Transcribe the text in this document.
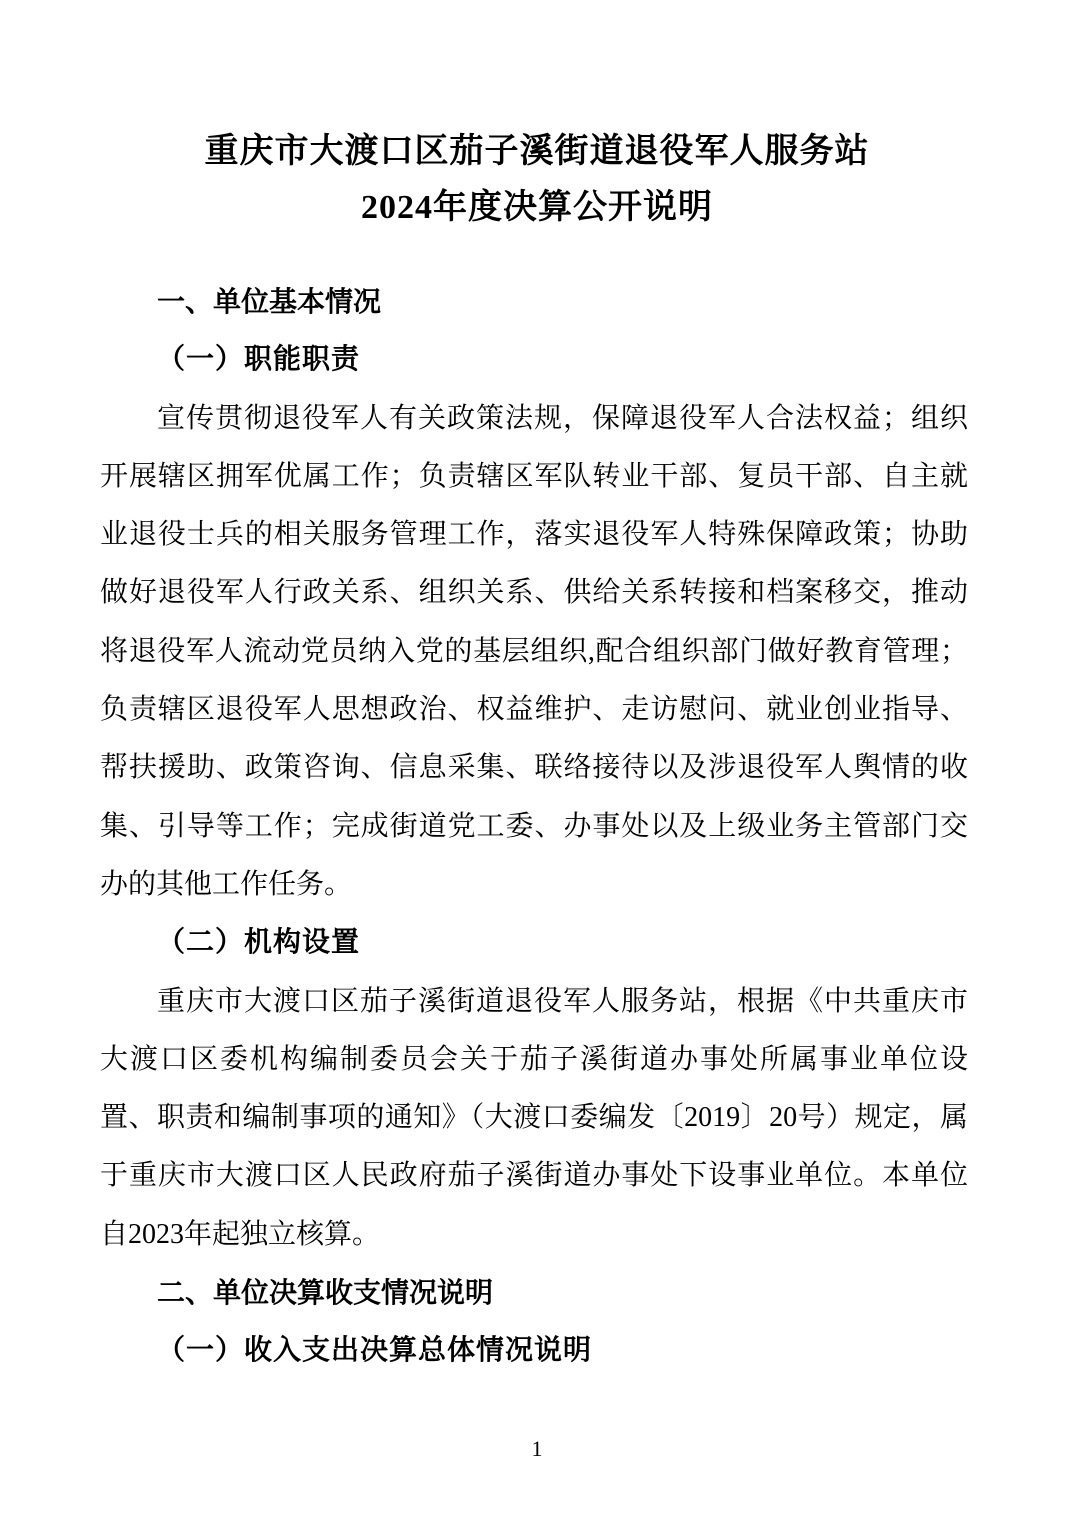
重庆市大渡口区茄子溪街道退役军人服务站
2024年度决算公开说明
一、单位基本情况
（一）职能职责
宣传贯彻退役军人有关政策法规，保障退役军人合法权益；组织
开展辖区拥军优属工作；负责辖区军队转业干部、复员干部、自主就
业退役士兵的相关服务管理工作，落实退役军人特殊保障政策；协助
做好退役军人行政关系、组织关系、供给关系转接和档案移交，推动
将退役军人流动党员纳入党的基层组织,配合组织部门做好教育管理；
负责辖区退役军人思想政治、权益维护、走访慰问、就业创业指导、
帮扶援助、政策咨询、信息采集、联络接待以及涉退役军人舆情的收
集、引导等工作；完成街道党工委、办事处以及上级业务主管部门交
办的其他工作任务。
（二）机构设置
重庆市大渡口区茄子溪街道退役军人服务站，根据《中共重庆市
大渡口区委机构编制委员会关于茄子溪街道办事处所属事业单位设
置、职责和编制事项的通知》（大渡口委编发〔2019〕20号）规定，属
于重庆市大渡口区人民政府茄子溪街道办事处下设事业单位。本单位
自2023年起独立核算。
二、单位决算收支情况说明
（一）收入支出决算总体情况说明
1
